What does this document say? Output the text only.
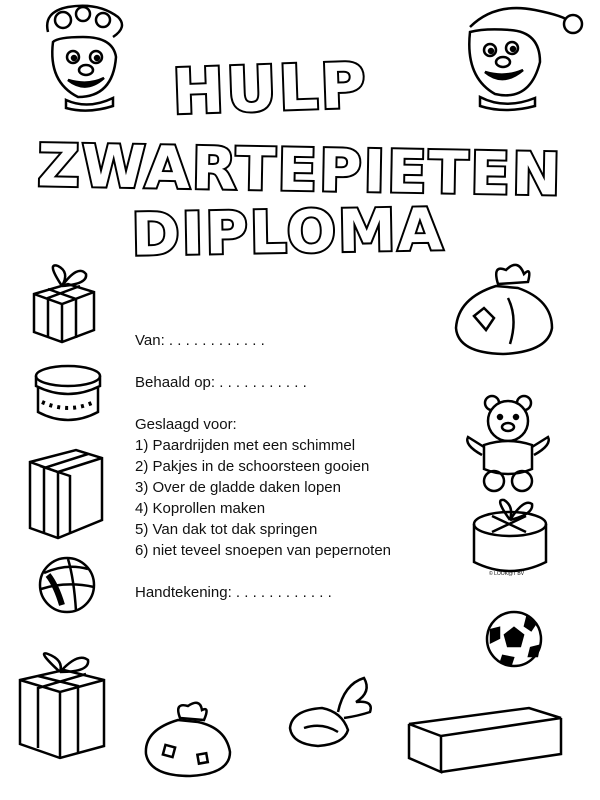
HULP
ZWARTEPIETEN
DIPLOMA
Van: . . . . . . . . . . . .
Behaald op: . . . . . . . . . . .
Geslaagd voor:
1) Paardrijden met een schimmel
2) Pakjes in de schoorsteen gooien
3) Over de gladde daken lopen
4) Koprollen maken
5) Van dak tot dak springen
6) niet teveel snoepen van pepernoten
Handtekening: . . . . . . . . . . . .
© LOOK@T BV
